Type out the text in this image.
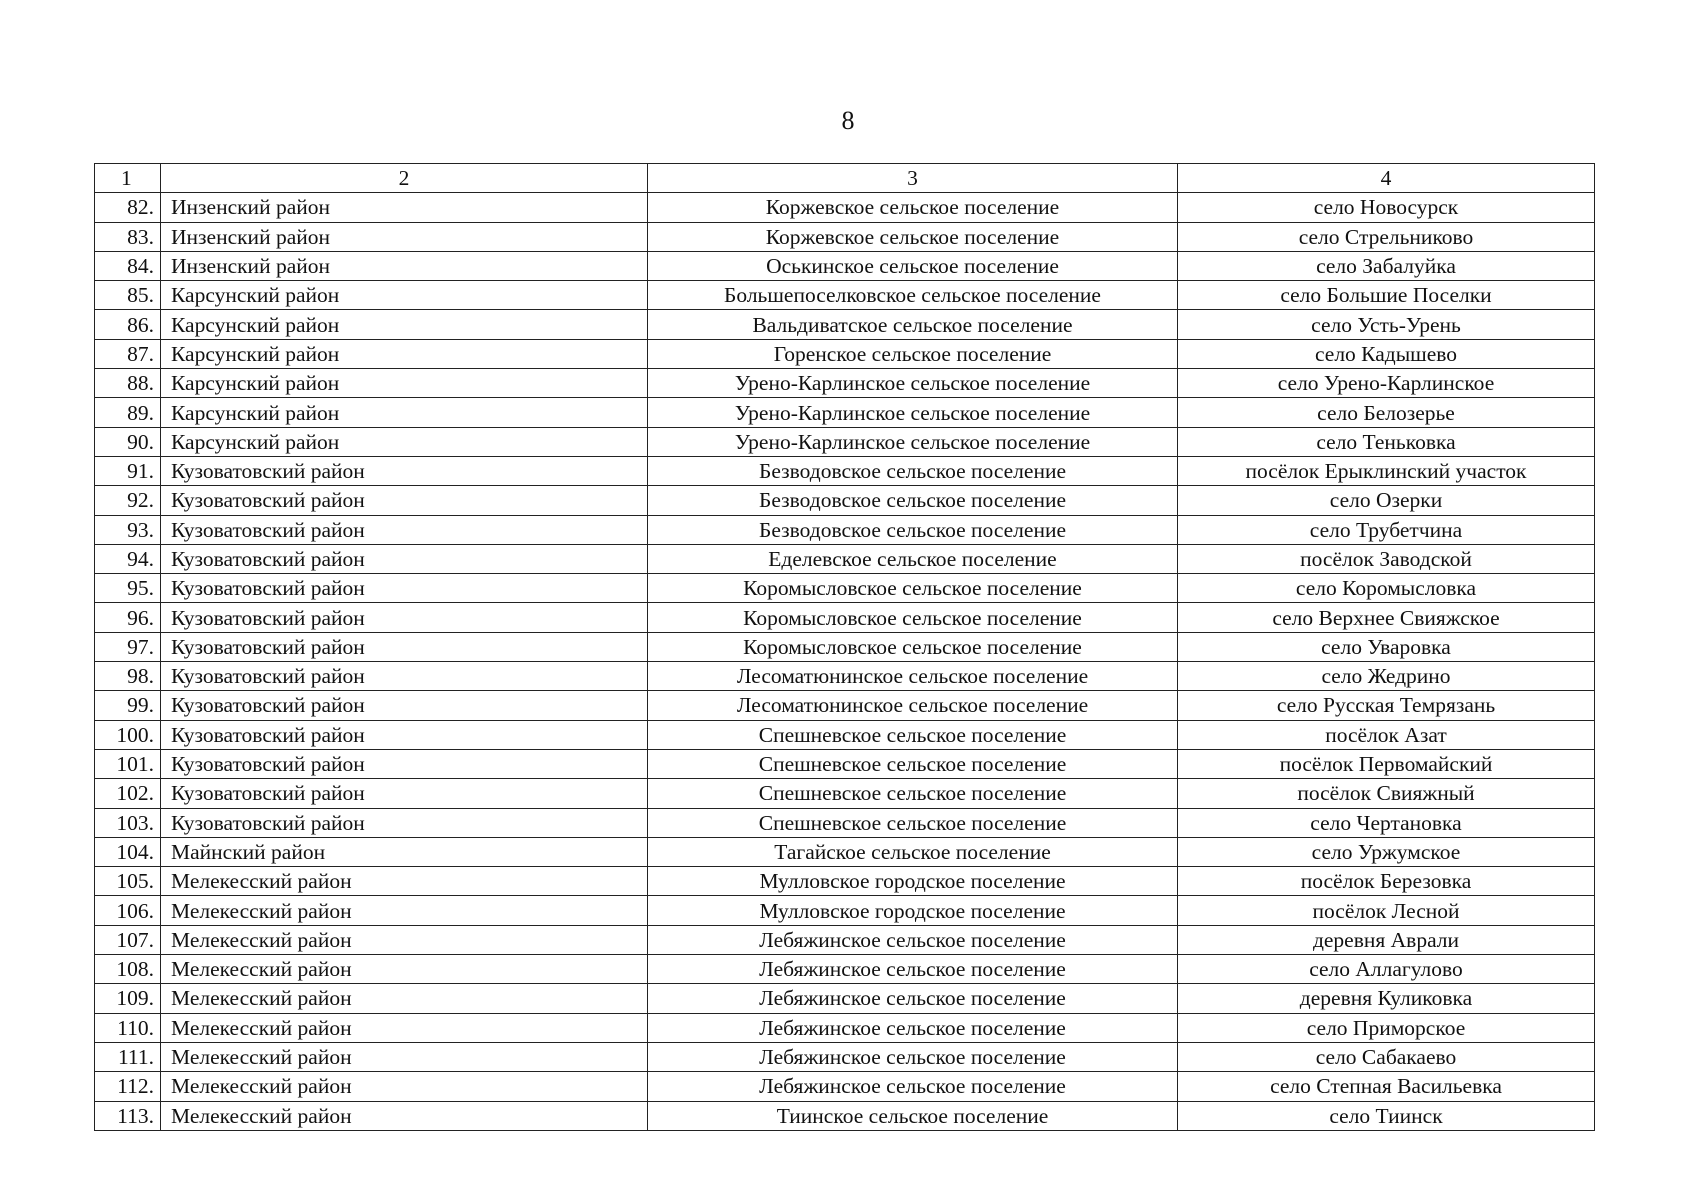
8
1	2	3	4
82.	Инзенский район	Коржевское сельское поселение	село Новосурск
83.	Инзенский район	Коржевское сельское поселение	село Стрельниково
84.	Инзенский район	Оськинское сельское поселение	село Забалуйка
85.	Карсунский район	Большепоселковское сельское поселение	село Большие Поселки
86.	Карсунский район	Вальдиватское сельское поселение	село Усть-Урень
87.	Карсунский район	Горенское сельское поселение	село Кадышево
88.	Карсунский район	Урено-Карлинское сельское поселение	село Урено-Карлинское
89.	Карсунский район	Урено-Карлинское сельское поселение	село Белозерье
90.	Карсунский район	Урено-Карлинское сельское поселение	село Теньковка
91.	Кузоватовский район	Безводовское сельское поселение	посёлок Ерыклинский участок
92.	Кузоватовский район	Безводовское сельское поселение	село Озерки
93.	Кузоватовский район	Безводовское сельское поселение	село Трубетчина
94.	Кузоватовский район	Еделевское сельское поселение	посёлок Заводской
95.	Кузоватовский район	Коромысловское сельское поселение	село Коромысловка
96.	Кузоватовский район	Коромысловское сельское поселение	село Верхнее Свияжское
97.	Кузоватовский район	Коромысловское сельское поселение	село Уваровка
98.	Кузоватовский район	Лесоматюнинское сельское поселение	село Жедрино
99.	Кузоватовский район	Лесоматюнинское сельское поселение	село Русская Темрязань
100.	Кузоватовский район	Спешневское сельское поселение	посёлок Азат
101.	Кузоватовский район	Спешневское сельское поселение	посёлок Первомайский
102.	Кузоватовский район	Спешневское сельское поселение	посёлок Свияжный
103.	Кузоватовский район	Спешневское сельское поселение	село Чертановка
104.	Майнский район	Тагайское сельское поселение	село Уржумское
105.	Мелекесский район	Мулловское городское поселение	посёлок Березовка
106.	Мелекесский район	Мулловское городское поселение	посёлок Лесной
107.	Мелекесский район	Лебяжинское сельское поселение	деревня Аврали
108.	Мелекесский район	Лебяжинское сельское поселение	село Аллагулово
109.	Мелекесский район	Лебяжинское сельское поселение	деревня Куликовка
110.	Мелекесский район	Лебяжинское сельское поселение	село Приморское
111.	Мелекесский район	Лебяжинское сельское поселение	село Сабакаево
112.	Мелекесский район	Лебяжинское сельское поселение	село Степная Васильевка
113.	Мелекесский район	Тиинское сельское поселение	село Тиинск
